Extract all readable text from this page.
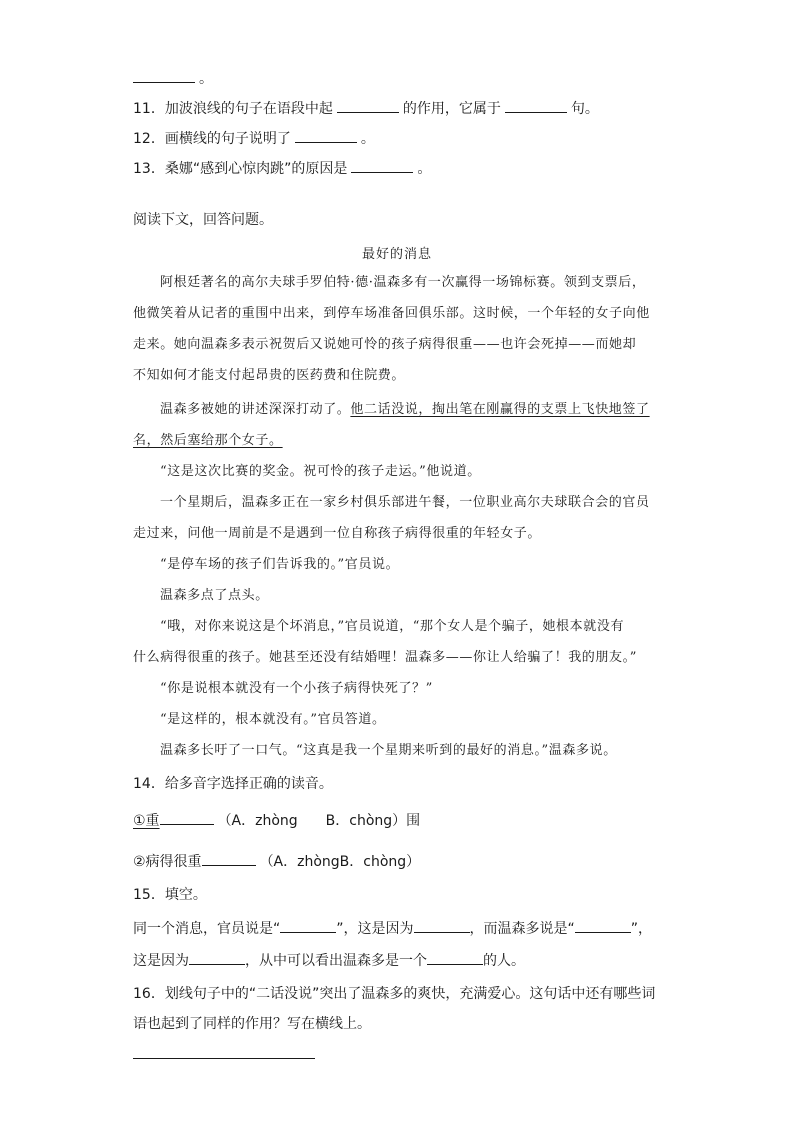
。
11．加波浪线的句子在语段中起	的作用，它属于	句。
12．画横线的句子说明了	。
13．桑娜“感到心惊肉跳”的原因是	。
阅读下文，回答问题。
最好的消息
阿根廷著名的高尔夫球手罗伯特·德·温森多有一次赢得一场锦标赛。领到支票后，
他微笑着从记者的重围中出来，到停车场准备回俱乐部。这时候，一个年轻的女子向他
走来。她向温森多表示祝贺后又说她可怜的孩子病得很重——也许会死掉——而她却
不知如何才能支付起昂贵的医药费和住院费。
温森多被她的讲述深深打动了。他二话没说，掏出笔在刚赢得的支票上飞快地签了
名，然后塞给那个女子。
“这是这次比赛的奖金。祝可怜的孩子走运。”他说道。
一个星期后，温森多正在一家乡村俱乐部进午餐，一位职业高尔夫球联合会的官员
走过来，问他一周前是不是遇到一位自称孩子病得很重的年轻女子。
“是停车场的孩子们告诉我的。”官员说。
温森多点了点头。
“哦，对你来说这是个坏消息，”官员说道，“那个女人是个骗子，她根本就没有
什么病得很重的孩子。她甚至还没有结婚哩！温森多——你让人给骗了！我的朋友。”
“你是说根本就没有一个小孩子病得快死了？”
“是这样的，根本就没有。”官员答道。
温森多长吁了一口气。“这真是我一个星期来听到的最好的消息。”温森多说。
14．给多音字选择正确的读音。
①重	（A．zhòng　　B．chòng）围
②病得很重	（A．zhòngB．chòng）
15．填空。
同一个消息，官员说是“	”，这是因为	，而温森多说是“	”，
这是因为	，从中可以看出温森多是一个	的人。
16．划线句子中的“二话没说”突出了温森多的爽快，充满爱心。这句话中还有哪些词
语也起到了同样的作用？写在横线上。
